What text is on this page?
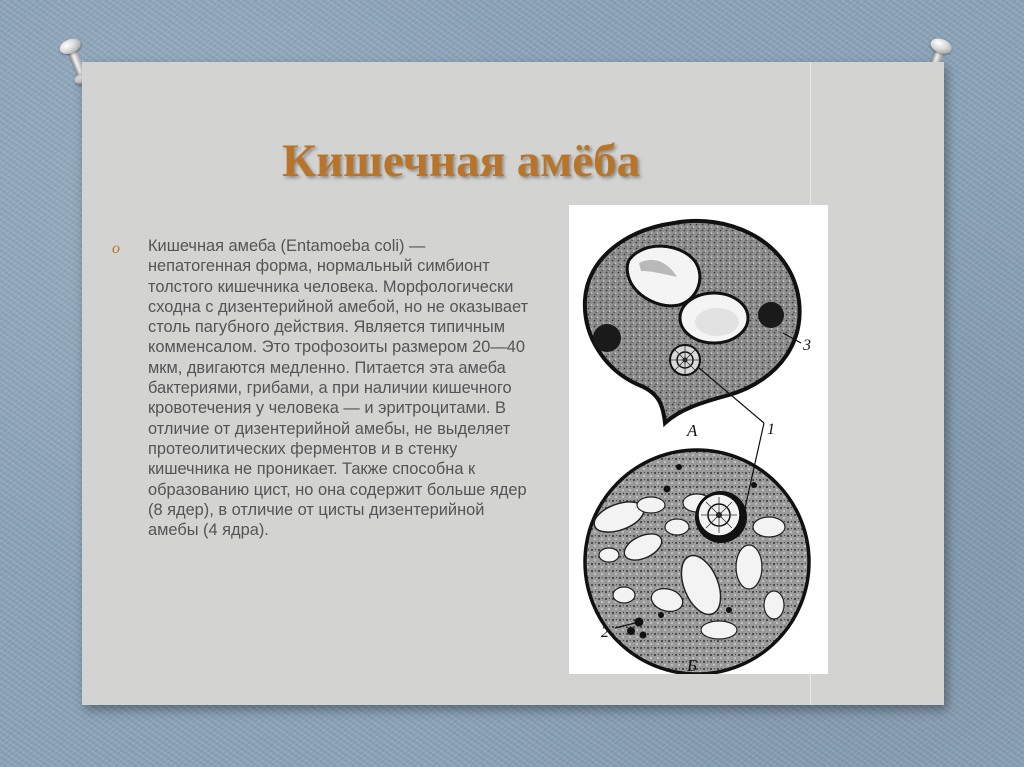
Кишечная амёба
o Кишечная амеба (Entamoeba coli) — непатогенная форма, нормальный симбионт толстого кишечника человека. Морфологически сходна с дизентерийной амебой, но не оказывает столь пагубного действия. Является типичным комменсалом. Это трофозоиты размером 20—40 мкм, двигаются медленно. Питается эта амеба бактериями, грибами, а при наличии кишечного кровотечения у человека — и эритроцитами. В отличие от дизентерийной амебы, не выделяет протеолитических ферментов и в стенку кишечника не проникает. Также способна к образованию цист, но она содержит больше ядер (8 ядер), в отличие от цисты дизентерийной амебы (4 ядра).

А
Б
1
2
3
